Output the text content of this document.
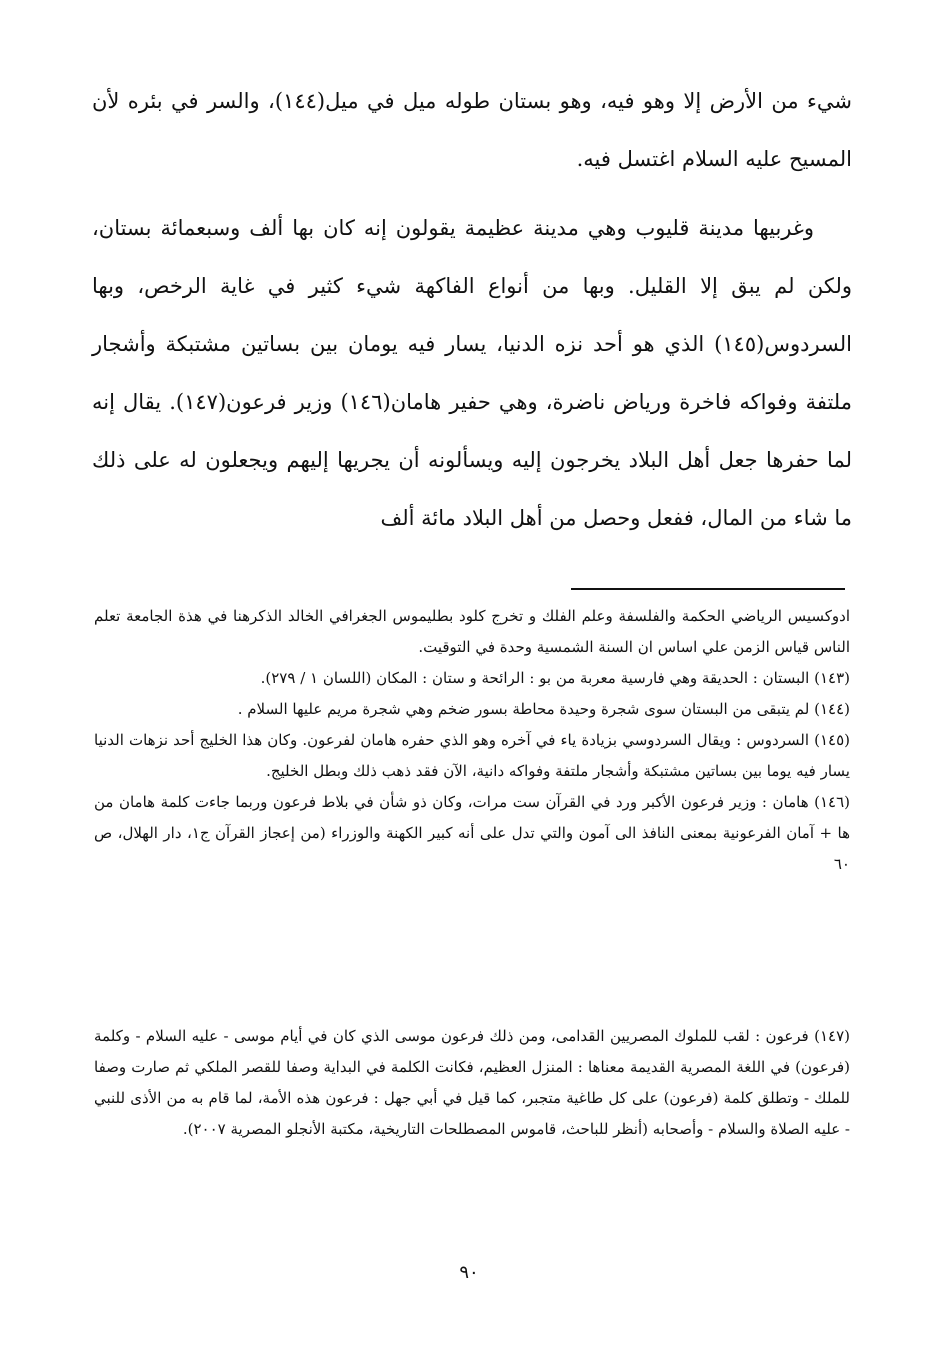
شيء من الأرض إلا وهو فيه، وهو بستان طوله ميل في ميل(١٤٤)، والسر في بئره لأن المسيح عليه السلام اغتسل فيه.

وغربيها مدينة قليوب وهي مدينة عظيمة يقولون إنه كان بها ألف وسبعمائة بستان، ولكن لم يبق إلا القليل. وبها من أنواع الفاكهة شيء كثير في غاية الرخص، وبها السردوس(١٤٥) الذي هو أحد نزه الدنيا، يسار فيه يومان بين بساتين مشتبكة وأشجار ملتفة وفواكه فاخرة ورياض ناضرة، وهي حفير هامان(١٤٦) وزير فرعون(١٤٧). يقال إنه لما حفرها جعل أهل البلاد يخرجون إليه ويسألونه أن يجريها إليهم ويجعلون له على ذلك ما شاء من المال، ففعل وحصل من أهل البلاد مائة ألف

ادوكسيس الرياضي الحكمة والفلسفة وعلم الفلك و تخرج كلود بطليموس الجغرافي الخالد الذكرهنا في هذة الجامعة تعلم الناس قياس الزمن علي اساس ان السنة الشمسية وحدة في التوقيت.

(١٤٣) البستان : الحديقة وهي فارسية معربة من بو : الرائحة و ستان : المكان (اللسان ١ / ٢٧٩).

(١٤٤) لم يتبقى من البستان سوى شجرة وحيدة محاطة بسور ضخم وهي شجرة مريم عليها السلام .

(١٤٥) السردوس : ويقال السردوسي بزيادة ياء في آخره وهو الذي حفره هامان لفرعون. وكان هذا الخليج أحد نزهات الدنيا يسار فيه يوما بين بساتين مشتبكة وأشجار ملتفة وفواكه دانية، الآن فقد ذهب ذلك وبطل الخليج.

(١٤٦) هامان : وزير فرعون الأكبر ورد في القرآن ست مرات، وكان ذو شأن في بلاط فرعون وربما جاءت كلمة هامان من ها + آمان الفرعونية بمعنى النافذ الى آمون والتي تدل على أنه كبير الكهنة والوزراء (من إعجاز القرآن ج١، دار الهلال، ص ٦٠

(١٤٧) فرعون : لقب للملوك المصريين القدامى، ومن ذلك فرعون موسى الذي كان في أيام موسى - عليه السلام - وكلمة (فرعون) في اللغة المصرية القديمة معناها : المنزل العظيم، فكانت الكلمة في البداية وصفا للقصر الملكي ثم صارت وصفا للملك - وتطلق كلمة (فرعون) على كل طاغية متجبر، كما قيل في أبي جهل : فرعون هذه الأمة، لما قام به من الأذى للنبي - عليه الصلاة والسلام - وأصحابه (أنظر للباحث، قاموس المصطلحات التاريخية، مكتبة الأنجلو المصرية ٢٠٠٧).

٩٠
